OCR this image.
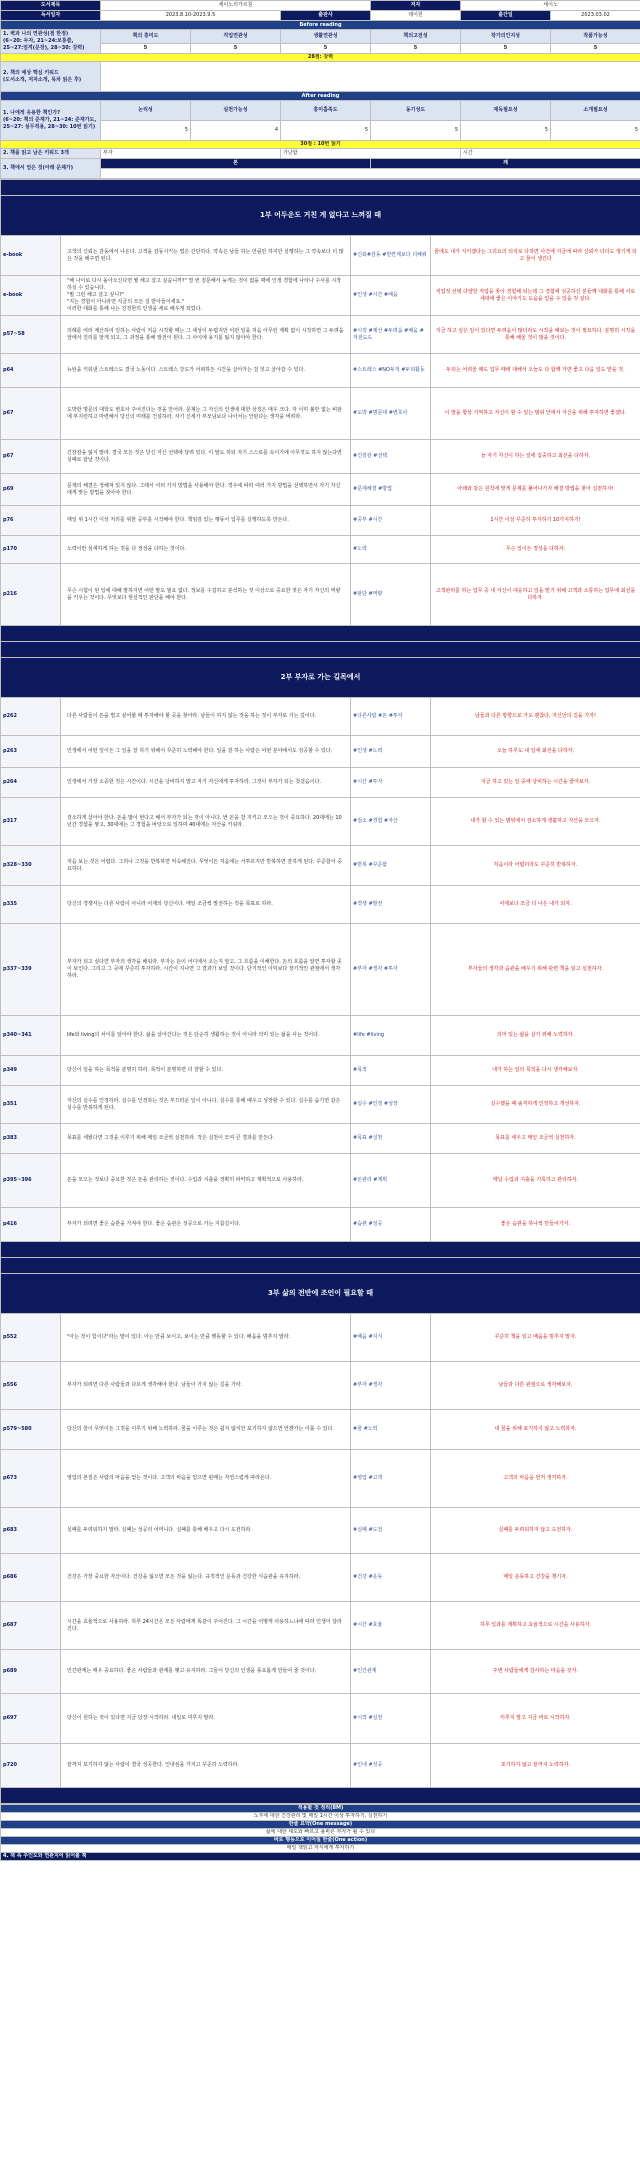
도서제목	세이노의가르침			저자	세이노	
독서일자	2023.8.10-2023.9.5		출판사	데이원	출간일	2023.03.02
Before reading						
1. 벽과 나의 연관성(점 한정)
(6~20: 두자, 21~24:보통쯤,
25~27:엄격(문장), 28~30: 강력)	책의 흥미도	직업연관성	생활연관성	책의고전성	작가의인지성	작품가능성
	5	5	5	5	5	5
28점: 강력						
2. 책의 예상 핵심 키워드
(도서소개, 저자소개, 목차 읽은 후)						
After reading						
1. 나에게 유용한 책인가?
(6~20: 책의 준재가, 21~24: 준재가도,
25~27: 실무적용, 28~30: 10번 읽기)	논리성	실천가능성	흥미흡족도	동기성도	재독필요성	소개필요성
	5	4	5	5	5	5
30점 : 10번 읽기						
2. 책을 읽고 남은 키워드 3개	부자		가난함		시간	
3. 책에서 얻은 것(아래 문제가)	본			깨		

1부 어두운도 거친 게 없다고 느껴질 때			
e-book	고객의 신뢰는 감동에서 나온다. 고객을 감동시키는 법은 간단하다. 약속은 남들 하는 만큼만 하지만 실행하는 그 약속보다 더 많은 것을 해주면 된다.	#신뢰#감동 #반칸계보다 더해줘	꿈에도 내가 지키겠다는 그리요의 의리로 다하면 사건에 지금에 따라 신뢰가 더더도 생기게 되고 꿈이 생긴다
e-book	"해 나이로 다시 돌아오신다면 뭘 해고 살고 싶습니까?" 열 번 질문해서 늦게는 것이 없을 때에 인생 경험에 나타나 수사를 시작하실 수 있습니다.
"뭘 그런 해고 살고 싶니?"
"지는 경험이 아니라면 지금의 모든 걸 받아들이세요."
이러한 대화를 통해 나는 진정한의 인생을 세로 배우게 되었다.	#인생 #시간 #배움	직업적 선택 다양한 직업을 찾아 경험해 되는데 그 경험에 성공하신 분들께 대화를 통해 서로 세대에 좋은 이야기도 도움을 얻을 수 있을 것 같다.
p57~58	의례를 여러 계산하여 일하는 사람이 처음 시작할 때는 그 세상이 두렵지만 어떤 일을 처음 아무런 계획 없이 시작하면 그 두려움 앞에서 진리를 알게 되고, 그 과정을 통해 발전이 된다. 그 사이에 용기를 잃지 않아야 한다.	#시작 #계산 #두려움 #배움 #자전도도	지금 하고 싶은 일이 있다면 두려움이 많더라도 시작을 해보는 것이 필요하다. 분명히 시작을 통해 배울 것이 많을 것이다.
p64	뉴턴을 키워낸 스트레스도 결국 노동이다. 스트레스 강도가 어떠하든 시간을 살아가는 걸 잊고 살아갈 수 있다.	#스트레스 #NO두적 #두되활동	두되는 어려울 때도 업무 때에 대해서 오늘도 다 함께 가면 좋고 다음 일도 맡을 것.
p67	도박한 명문의 대학도 변호사 주어진다는 것을 만어라. 문제는 그 자신의 인생에 대한 상징은 매우 크다. 자 이미 불만 없는 비판에 부지런하고 마련해서 당신의 미래를 건설하라. 자기 신세가 부모님보다 나아서는 안된다는 생각을 버려라.	#도박 #명문대 #변호사	이 말을 항상 기억하고 자신이 할 수 있는 범위 안에서 자신을 위해 투자하면 좋겠다.
p67	긴장감을 잃지 말라. 결국 모든 것은 당신 자신 선택에 달려 있다. 이 말도 하되 자기 스스로를 속이기에 아무것도 하지 않는다면 실패로 끝날 것이다.	#긴장감 #선택	늘 자기 자신이 하는 일에 집중하고 최선을 다하자.
p69	문제의 해결은 정해져 있지 않다. 그래서 여러 가지 방법을 사용해야 한다. 경우에 따라 여러 가지 방법을 선택하면서 자기 자신에게 맞는 방법을 찾아야 한다.	#문제해결 #방법	아래와 같은 원칙에 맞게 문제를 풀어나가자 해결 방법을 찾아 실천하자!
p76	매일 위 1시간 이상 처리를 위한 공부를 시작해야 한다. 책임감 있는 행동이 업무를 실행하도록 만든다.	#공부 #시간	1시간 이상 꾸준히 투자하기 10가지하기!
p170	노력이란 섬세하게 하는 것을 다 정성을 다하는 것이다.	#노력	무슨 일이든 정성을 다하자.
p216	무슨 시험이 된 일에 대해 말하자면 어떤 말도 필요 없다. 정보를 수집하고 분석하는 것 이상으로 중요한 것은 자기 자신의 역량을 키우는 것이다. 무엇보다 현실적인 판단을 해야 한다.	#판단 #역량	고객관리를 하는 업무 중 내 자신이 대응하고 일을 맡기 위해 고객과 소통하는 업무에 최선을 다하자.

2부 부자로 가는 길목에서			
p262	다른 사람들이 돈을 벌고 싶어할 때 투자해야 할 곳을 찾아라. 남들이 하지 않는 것을 하는 것이 부자로 가는 길이다.	#다른사람 #돈 #투자	남들과 다른 방향으로 가도 괜찮다, 자신만의 길을 가자!
p263	인생에서 어떤 일이든 그 일을 잘 하기 위해서 꾸준히 노력해야 한다. 일을 잘 하는 사람은 어떤 분야에서도 성공할 수 있다.	#인생 #노력	오늘 하루도 내 일에 최선을 다하자.
p264	인생에서 가장 소중한 것은 시간이다. 시간을 낭비하지 말고 자기 자신에게 투자하라. 그것이 부자가 되는 첫걸음이다.	#시간 #투자	지금 하고 있는 일 중에 낭비하는 시간을 줄여보자.
p317	검소하게 살아야 한다. 돈을 많이 번다고 해서 부자가 되는 것이 아니다. 번 돈을 잘 지키고 모으는 것이 중요하다. 20대에는 10년간 경험을 쌓고, 30대에는 그 경험을 바탕으로 일하며 40대에는 자산을 키워라.	#검소 #경험 #자산	내가 할 수 있는 범위에서 검소하게 생활하고 자산을 모으자.
p328~330	처음 보는 것은 어렵다. 그러나 그것을 반복하면 익숙해진다. 무엇이든 처음에는 서투르지만 반복하면 잘하게 된다. 꾸준함이 중요하다.	#반복 #꾸준함	처음이라 어렵더라도 꾸준히 반복하자.
p335	당신의 경쟁자는 다른 사람이 아니라 어제의 당신이다. 매일 조금씩 발전하는 것을 목표로 하라.	#경쟁 #발전	어제보다 조금 더 나은 내가 되자.
p337~339	부자가 되고 싶다면 부자의 생각을 배워라. 부자는 돈이 어디에서 오는지 알고, 그 흐름을 이해한다. 돈의 흐름을 알면 투자할 곳이 보인다. 그리고 그 곳에 꾸준히 투자하라. 시간이 지나면 그 결과가 보일 것이다. 단기적인 이익보다 장기적인 관점에서 생각하라.	#부자 #생각 #투자	부자들의 생각과 습관을 배우기 위해 관련 책을 읽고 실천하자.
p340~341	life와 living의 차이를 알아야 한다. 삶을 살아간다는 것은 단순히 생활하는 것이 아니라 의미 있는 삶을 사는 것이다.	#life #living	의미 있는 삶을 살기 위해 노력하자.
p349	당신이 일을 하는 목적을 분명히 하라. 목적이 분명하면 더 잘할 수 있다.	#목적	내가 하는 일의 목적을 다시 생각해보자.
p351	자신의 실수를 인정하라. 실수를 인정하는 것은 부끄러운 일이 아니다. 실수를 통해 배우고 성장할 수 있다. 실수를 숨기면 같은 실수를 반복하게 된다.	#실수 #인정 #성장	실수했을 때 솔직하게 인정하고 개선하자.
p383	목표를 세웠다면 그것을 이루기 위해 매일 조금씩 실천하라. 작은 실천이 모여 큰 결과를 만든다.	#목표 #실천	목표를 세우고 매일 조금씩 실천하자.
p395~396	돈을 모으는 것보다 중요한 것은 돈을 관리하는 것이다. 수입과 지출을 정확히 파악하고 계획적으로 사용하라.	#돈관리 #계획	매달 수입과 지출을 기록하고 관리하자.
p416	부자가 되려면 좋은 습관을 가져야 한다. 좋은 습관은 성공으로 가는 지름길이다.	#습관 #성공	좋은 습관을 하나씩 만들어가자.

3부 삶의 전반에 조언이 필요할 때			
p552	"아는 것이 힘이다"라는 말이 있다. 아는 만큼 보이고, 보이는 만큼 행동할 수 있다. 배움을 멈추지 말라.	#배움 #지식	꾸준히 책을 읽고 배움을 멈추지 말자.
p556	부자가 되려면 다른 사람들과 다르게 생각해야 한다. 남들이 가지 않는 길을 가라.	#부자 #생각	남들과 다른 관점으로 생각해보자.
p579~580	당신의 꿈이 무엇이든 그것을 이루기 위해 노력하라. 꿈을 이루는 것은 쉽지 않지만 포기하지 않으면 언젠가는 이룰 수 있다.	#꿈 #노력	내 꿈을 위해 포기하지 않고 노력하자.
p673	영업의 본질은 사람의 마음을 얻는 것이다. 고객의 마음을 얻으면 판매는 자연스럽게 따라온다.	#영업 #고객	고객의 마음을 먼저 생각하자.
p683	실패를 두려워하지 말라. 실패는 성공의 어머니다. 실패를 통해 배우고 다시 도전하라.	#실패 #도전	실패를 두려워하지 않고 도전하자.
p686	건강은 가장 중요한 자산이다. 건강을 잃으면 모든 것을 잃는다. 규칙적인 운동과 건강한 식습관을 유지하라.	#건강 #운동	매일 운동하고 건강을 챙기자.
p687	시간을 효율적으로 사용하라. 하루 24시간은 모든 사람에게 똑같이 주어진다. 그 시간을 어떻게 사용하느냐에 따라 인생이 달라진다.	#시간 #효율	하루 일과를 계획하고 효율적으로 시간을 사용하자.
p689	인간관계는 매우 중요하다. 좋은 사람들과 관계를 맺고 유지하라. 그들이 당신의 인생을 풍요롭게 만들어 줄 것이다.	#인간관계	주변 사람들에게 감사하는 마음을 갖자.
p697	당신이 원하는 것이 있다면 지금 당장 시작하라. 내일로 미루지 말라.	#시작 #실천	미루지 말고 지금 바로 시작하자.
p720	끝까지 포기하지 않는 사람이 결국 성공한다. 인내심을 가지고 꾸준히 노력하라.	#인내 #성공	포기하지 않고 끝까지 노력하자.

적용할 것 정리(8M)
노후에 대한 건강관리 및 매일 1시간 이상 투자하기, 실천하기
한줄 요약(One message)
삶에 대한 태도와 빠르고 올바른 부자가 될 수 있다
바로 행동으로 이어질 한줄(One action)
매일 책읽고 자식에게 투자하기
4. 책 속 주인도와 연관지어 읽어볼 책
